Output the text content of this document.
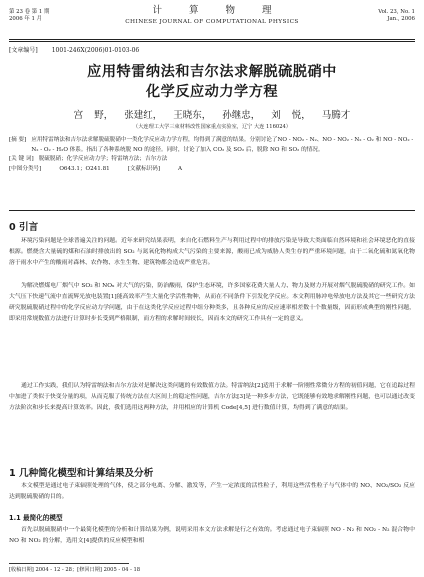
第 23 卷 第 1 期
2006 年 1 月
计 算 物 理
CHINESE JOURNAL OF COMPUTATIONAL PHYSICS
Vol. 23, No. 1
Jan., 2006
[文章编号] 1001-246X(2006)01-0103-06
应用特雷纳法和吉尔法求解脱硫脱硝中
化学反应动力学方程
宫 野， 张建红， 王晓东， 孙继忠， 刘 悦， 马腾才
（大连理工大学三束材料改性国家重点实验室，辽宁 大连 116024）
[摘 要] 应用特雷纳法和吉尔法求解脱硫脱硝中一类化学反应动力学方程，均得到了满意的结果。分别讨论了NO - NO₂ - N₂、NO - NO₂ - N₂ - O₂ 和 NO - NO₂ - N₂ - O₂ - H₂O 体系。指出了各种系统脱 NO 的途径。同时，讨论了加入 CO₂ 及 SO₂ 后，脱除 NO 和 SO₂ 的情况。
[关 键 词] 脱硫脱硝；化学反应动力学；特雷纳方法；吉尔方法
[中图分类号]	O643.1；O241.81	[文献标识码]	A
0 引言
环境污染问题是全球普遍关注的问题。近年来研究结果表明，来自化石燃料生产与利用过程中的排放污染是导致大类面临自然环境和社会环境恶化的直接根源。燃烧含大量硫的煤和石油时排放出的 SO₂ 与氮氧化物构成大气污染的主要来源，酸雨已成为威胁人类生存的严重环境问题，由于二氧化硫和氮氧化物溶于雨水中产生的酸雨对森林、农作物、水生生物、建筑物都会造成严重危害。
为解决燃煤电厂烟气中 SO₂ 和 NOₓ 对大气的污染，防治酸雨，保护生态环境，许多国家花费大量人力、物力及财力开展对烟气脱硫脱硝的研究工作。如大气压下快速气流中直流辉光放电装置[1]能高效率产生大量化学活性物种，从而在不同条件下引发化学反应。本文利用脉冲电晕放电方法及其它一些研究方法研究脱硫脱硝过程中的化学反应动力学问题，由于在这类化学反应过程中组分种类多，且各种反应的反应速率相差数十个数量级，因而形成典型的刚性问题，即采用常规数值方法进行计算时步长受到严格限制，而方程的求解时间较长，因而本文的研究工作具有一定的意义。
通过工作实践，我们认为特雷纳法和吉尔方法对是解决这类问题的有效数值方法。特雷纳法[2]适用于求解一阶刚性常微分方程的初值问题，它在追踪过程中加进了类似于快变分量的项，从而克服了传统方法在大区间上的稳定性问题，吉尔方法[3]是一种多步方法，它既能够有效地求解刚性问题，也可以通过改变方法阶次和步长来提高计算效率。因此，我们选用这两种方法，并用相应的计算机 Code[4,5] 进行数值计算，均得到了满意的结果。
1 几种简化模型和计算结果及分析
本文模型是通过电子束辐照处理的气体，使之部分电离、分解、激发等，产生一定浓度的活性粒子，利用这些活性粒子与气体中的 NO、NO₂/SO₂ 反应达到脱硫脱硝的目的。
1.1 最简化的模型
首先以脱硫脱硝中一个最简化模型的分析和计算结果为例，说明采用本文方法求解是行之有效的。考虑通过电子束辐照 NO - N₂ 和 NO₂ - N₂ 混合物中 NO 和 NO₂ 的分解，选用文[4]提供的反应模型和相
[收稿日期] 2004 - 12 - 28；[修回日期] 2005 - 04 - 18
